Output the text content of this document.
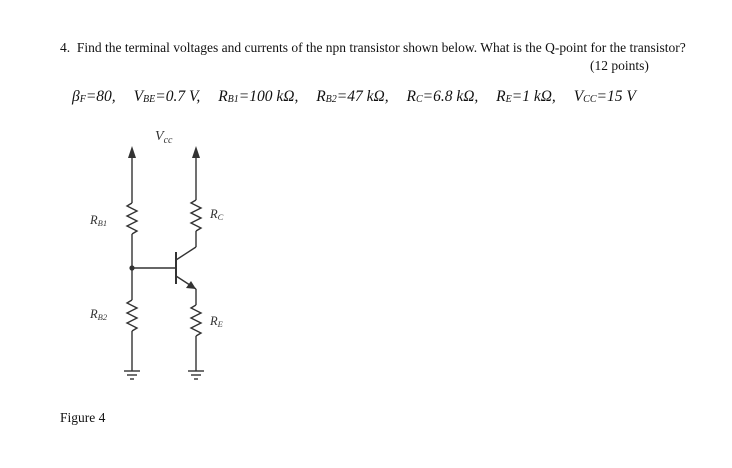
4. Find the terminal voltages and currents of the npn transistor shown below. What is the Q-point for the transistor?
(12 points)
$\beta_F=80$, $V_{BE}=0.7$ V, $R_{B1}=100$ kΩ, $R_{B2}=47$ kΩ, $R_C=6.8$ kΩ, $R_E=1$ kΩ, $V_{CC}=15$ V
$V_{cc}$
RB1
RB2
RC
RE
Figure 4
